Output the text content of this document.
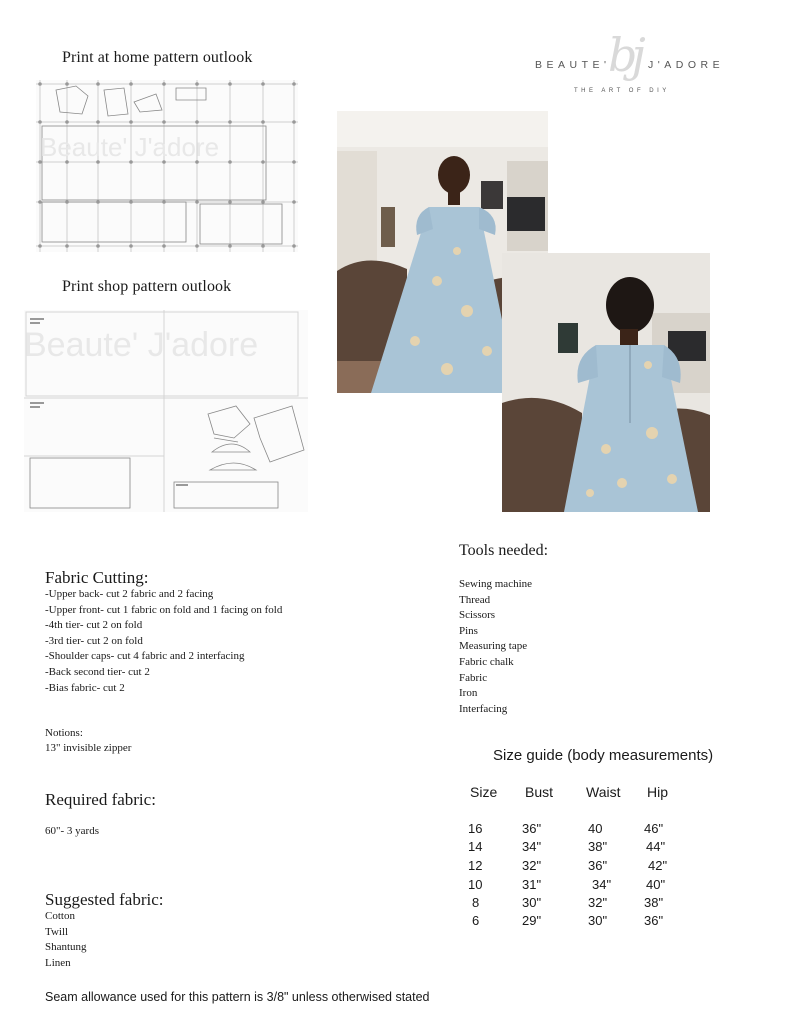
BEAUTE'
bj J'ADORE
THE ART OF DIY
Print at home pattern outlook
Beaute' J'adore
Print shop pattern outlook
Beaute' J'adore
Fabric Cutting:
-Upper back- cut 2 fabric and 2 facing
-Upper front- cut 1 fabric on fold and 1 facing on fold
-4th tier- cut 2 on fold
-3rd tier- cut 2 on fold
-Shoulder caps- cut 4 fabric and 2 interfacing
-Back second tier- cut 2
-Bias fabric- cut 2
Notions:
13" invisible zipper
Required fabric:
60"- 3 yards
Suggested fabric:
Cotton
Twill
Shantung
Linen
Tools needed:
Sewing machine
Thread
Scissors
Pins
Measuring tape
Fabric chalk
Fabric
Iron
Interfacing
Size guide (body measurements)
Size Bust Waist Hip
16	36"	40	46"
14	34"	38"	44"
12	32"	36"	42"
10	31"	34"	40"
8	30"	32"	38"
6	29"	30"	36"
Seam allowance used for this pattern is 3/8" unless otherwised stated
